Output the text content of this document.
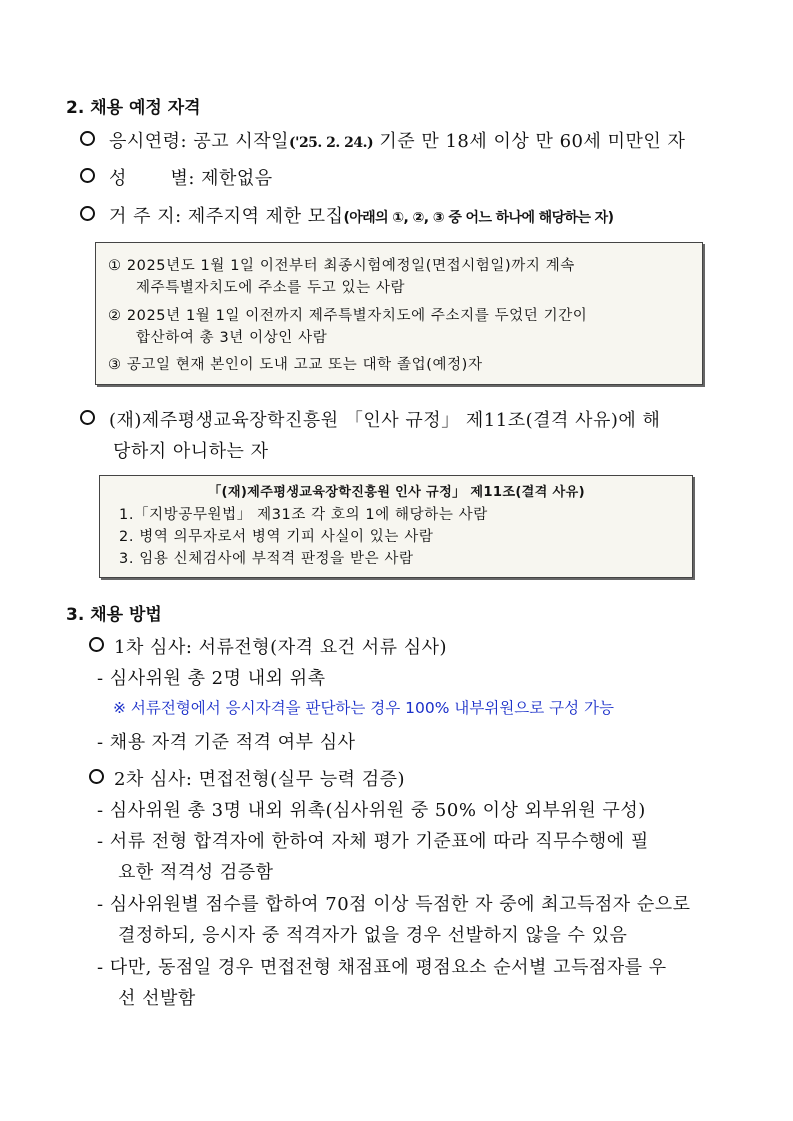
2. 채용 예정 자격
응시연령: 공고 시작일('25. 2. 24.) 기준 만 18세 이상 만 60세 미만인 자
성       별: 제한없음
거 주 지: 제주지역 제한 모집(아래의 ①, ②, ③ 중 어느 하나에 해당하는 자)
① 2025년도 1월 1일 이전부터 최종시험예정일(면접시험일)까지 계속
제주특별자치도에 주소를 두고 있는 사람
② 2025년 1월 1일 이전까지 제주특별자치도에 주소지를 두었던 기간이
합산하여 총 3년 이상인 사람
③ 공고일 현재 본인이 도내 고교 또는 대학 졸업(예정)자
(재)제주평생교육장학진흥원 「인사 규정」 제11조(결격 사유)에 해
당하지 아니하는 자
「(재)제주평생교육장학진흥원 인사 규정」 제11조(결격 사유)
1.「지방공무원법」 제31조 각 호의 1에 해당하는 사람
2. 병역 의무자로서 병역 기피 사실이 있는 사람
3. 임용 신체검사에 부적격 판정을 받은 사람
3. 채용 방법
1차 심사: 서류전형(자격 요건 서류 심사)
- 심사위원 총 2명 내외 위촉
※ 서류전형에서 응시자격을 판단하는 경우 100% 내부위원으로 구성 가능
- 채용 자격 기준 적격 여부 심사
2차 심사: 면접전형(실무 능력 검증)
- 심사위원 총 3명 내외 위촉(심사위원 중 50% 이상 외부위원 구성)
- 서류 전형 합격자에 한하여 자체 평가 기준표에 따라 직무수행에 필
요한 적격성 검증함
- 심사위원별 점수를 합하여 70점 이상 득점한 자 중에 최고득점자 순으로
결정하되, 응시자 중 적격자가 없을 경우 선발하지 않을 수 있음
- 다만, 동점일 경우 면접전형 채점표에 평점요소 순서별 고득점자를 우
선 선발함
